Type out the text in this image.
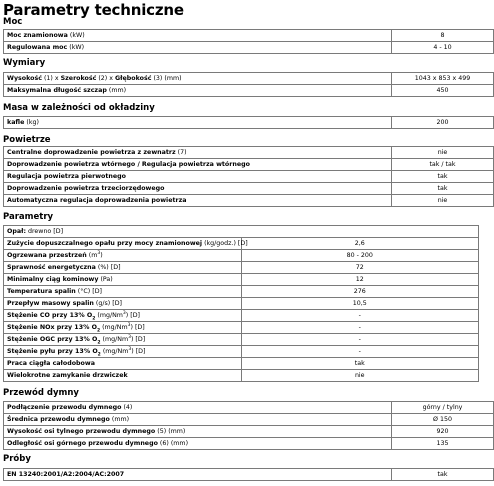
Parametry techniczne
Moc
Moc znamionowa (kW)	8
Regulowana moc (kW)	4 - 10
Wymiary
Wysokość (1) x Szerokość (2) x Głębokość (3) (mm)	1043 x 853 x 499
Maksymalna długość szczap (mm)	450
Masa w zależności od okładziny
kafle (kg)	200
Powietrze
Centralne doprowadzenie powietrza z zewnatrz (7)	nie
Doprowadzenie powietrza wtórnego / Regulacja powietrza wtórnego	tak / tak
Regulacja powietrza pierwotnego	tak
Doprowadzenie powietrza trzeciorzędowego	tak
Automatyczna regulacja doprowadzenia powietrza	nie
Parametry
Opał: drewno [D]	
Zużycie dopuszczalnego opału przy mocy znamionowej (kg/godz.) [D]	2,6
Ogrzewana przestrzeń $(m^3)$	80 - 200
Sprawność energetyczna (%) [D]	72
Minimalny ciąg kominowy (Pa)	12
Temperatura spalin (°C) [D]	276
Przepływ masowy spalin (g/s) [D]	10,5
Stężenie CO przy 13% $O_2$ (mg/Nm$^3$) [D]	-
Stężenie NOx przy 13% $O_2$ (mg/Nm$^3$) [D]	-
Stężenie OGC przy 13% $O_2$ (mg/Nm$^3$) [D]	-
Stężenie pyłu przy 13% $O_2$ (mg/Nm$^3$) [D]	-
Praca ciągła całodobowa	tak
Wielokrotne zamykanie drzwiczek	nie
Przewód dymny
Podłączenie przewodu dymnego (4)	górny / tylny
Średnica przewodu dymnego (mm)	Ø 150
Wysokość osi tylnego przewodu dymnego (5) (mm)	920
Odległość osi górnego przewodu dymnego (6) (mm)	135
Próby
EN 13240:2001/A2:2004/AC:2007	tak
